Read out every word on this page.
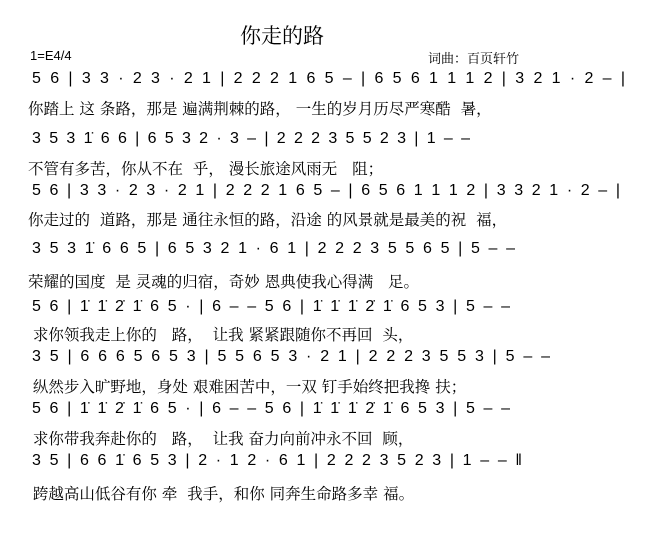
你走的路
1=E4/4	词曲：百页轩竹
5 6 | 3 3 · 2 3 · 2 1 | 2 2 2 1 6 5 – | 6 5 6 1 1 1 2 | 3 2 1 · 2 – |
你踏上 这 条路，那是 遍满荆棘的路， 一生的岁月历尽严寒酷  暑，
3 5 3 1̇ 6 6 | 6 5 3 2 · 3 – | 2 2 2 3 5 5 2 3 | 1 – –
不管有多苦，你从不在  乎， 漫长旅途风雨无   阻；
5 6 | 3 3 · 2 3 · 2 1 | 2 2 2 1 6 5 – | 6 5 6 1 1 1 2 | 3 3 2 1 · 2 – |
你走过的  道路，那是 通往永恒的路，沿途 的风景就是最美的祝  福，
3 5 3 1̇ 6 6 5 | 6 5 3 2 1 · 6 1 | 2 2 2 3 5 5 6 5 | 5 – –
荣耀的国度  是 灵魂的归宿，奇妙 恩典使我心得满   足。
5 6 | 1̇ 1̇ 2̇ 1̇ 6 5 · | 6 – – 5 6 | 1̇ 1̇ 1̇ 2̇ 1̇ 6 5 3 | 5 – –
求你领我走上你的   路，  让我 紧紧跟随你不再回  头，
3 5 | 6 6 6 5 6 5 3 | 5 5 6 5 3 · 2 1 | 2 2 2 3 5 5 3 | 5 – –
纵然步入旷野地，身处 艰难困苦中，一双 钉手始终把我搀 扶；
5 6 | 1̇ 1̇ 2̇ 1̇ 6 5 · | 6 – – 5 6 | 1̇ 1̇ 1̇ 2̇ 1̇ 6 5 3 | 5 – –
求你带我奔赴你的   路，  让我 奋力向前冲永不回  顾，
3 5 | 6 6 1̇ 6 5 3 | 2 · 1 2 · 6 1 | 2 2 2 3 5 2 3 | 1 – – ‖
跨越高山低谷有你 牵  我手，和你 同奔生命路多幸 福。
